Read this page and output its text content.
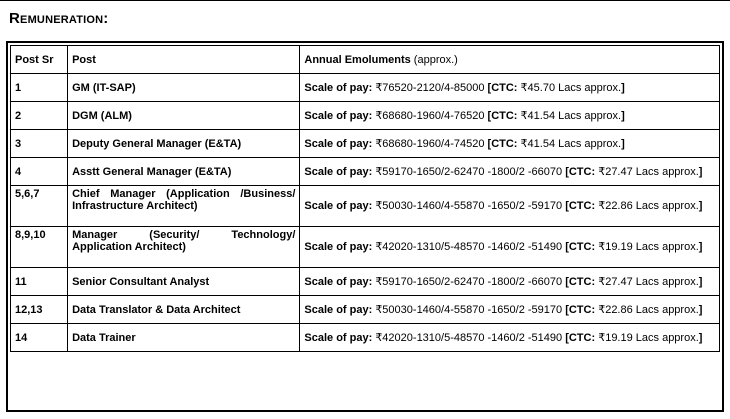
Remuneration:
Post Sr	Post	Annual Emoluments (approx.)
1	GM (IT-SAP)	Scale of pay: ₹76520-2120/4-85000 [CTC: ₹45.70 Lacs approx.]
2	DGM (ALM)	Scale of pay: ₹68680-1960/4-76520 [CTC: ₹41.54 Lacs approx.]
3	Deputy General Manager (E&TA)	Scale of pay: ₹68680-1960/4-74520 [CTC: ₹41.54 Lacs approx.]
4	Asstt General Manager (E&TA)	Scale of pay: ₹59170-1650/2-62470 -1800/2 -66070 [CTC: ₹27.47 Lacs approx.]
5,6,7	Chief Manager (Application /Business/ Infrastructure Architect)	Scale of pay: ₹50030-1460/4-55870 -1650/2 -59170 [CTC: ₹22.86 Lacs approx.]
8,9,10	Manager (Security/ Technology/ Application Architect)	Scale of pay: ₹42020-1310/5-48570 -1460/2 -51490 [CTC: ₹19.19 Lacs approx.]
11	Senior Consultant Analyst	Scale of pay: ₹59170-1650/2-62470 -1800/2 -66070 [CTC: ₹27.47 Lacs approx.]
12,13	Data Translator & Data Architect	Scale of pay: ₹50030-1460/4-55870 -1650/2 -59170 [CTC: ₹22.86 Lacs approx.]
14	Data Trainer	Scale of pay: ₹42020-1310/5-48570 -1460/2 -51490 [CTC: ₹19.19 Lacs approx.]
